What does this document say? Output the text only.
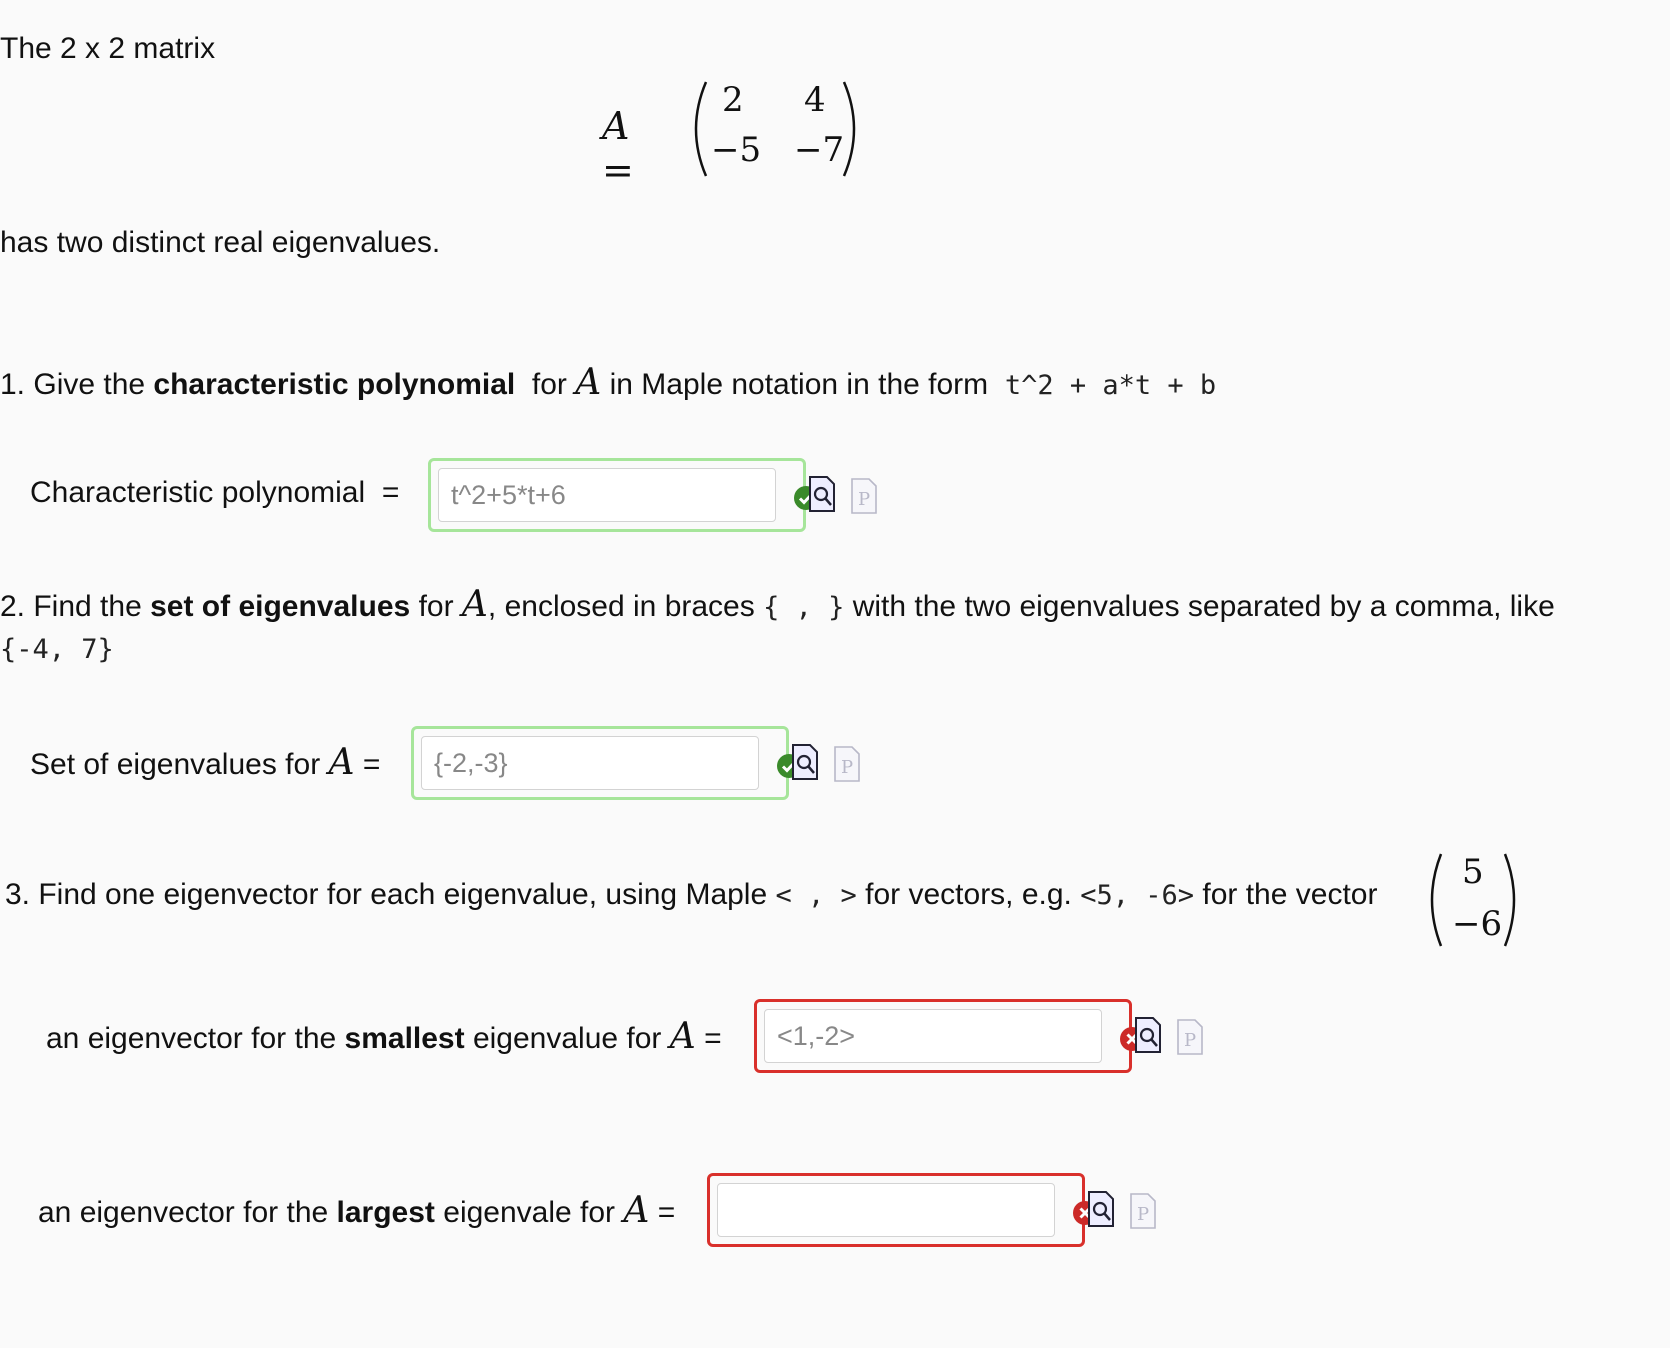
The 2 x 2 matrix
A =
2 4
−5 −7
has two distinct real eigenvalues.
1. Give the characteristic polynomial for A in Maple notation in the form t^2 + a*t + b
Characteristic polynomial =
t^2+5*t+6	P
2. Find the set of eigenvalues for A, enclosed in braces { , } with the two eigenvalues separated by a comma, like
{-4, 7}
Set of eigenvalues for A =
{-2,-3}	P
3. Find one eigenvector for each eigenvalue, using Maple < , > for vectors, e.g. <5, -6> for the vector
5
−6
an eigenvector for the smallest eigenvalue for A =
<1,-2>	P
an eigenvector for the largest eigenvale for A =	P
